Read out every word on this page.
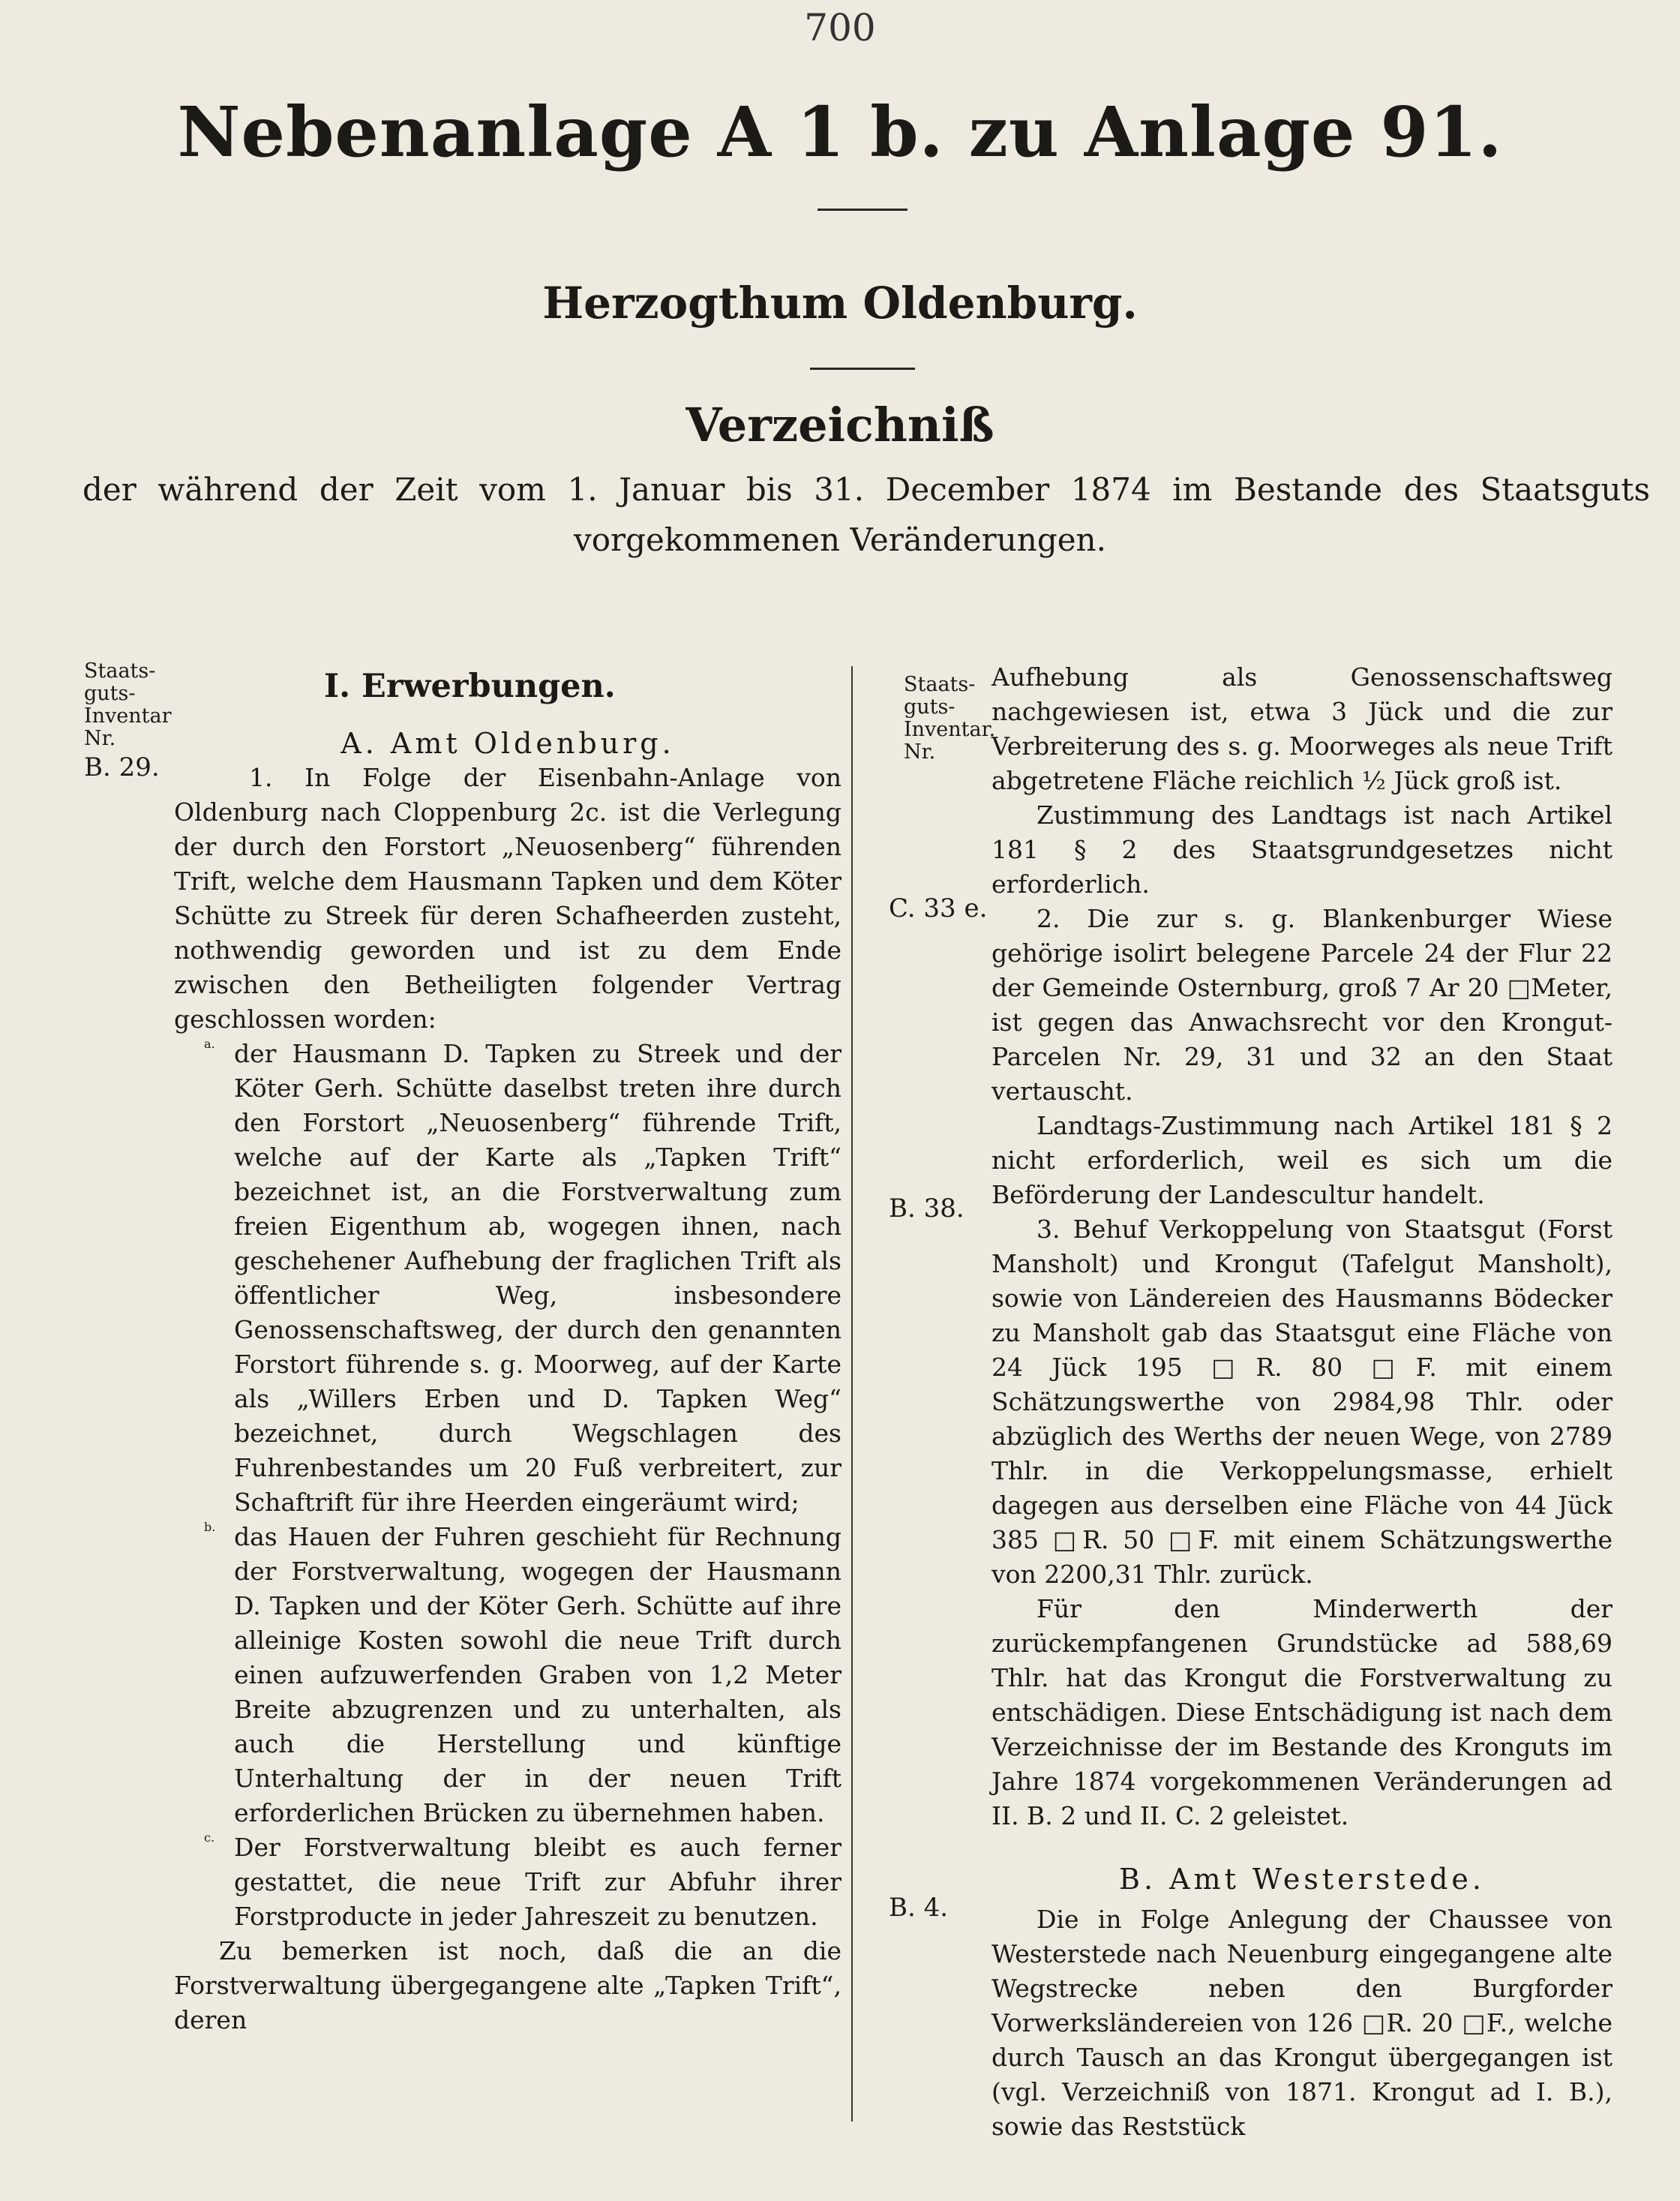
700
Nebenanlage A 1 b. zu Anlage 91.
Herzogthum Oldenburg.
Verzeichniß
der während der Zeit vom 1. Januar bis 31. December 1874 im Bestande des Staatsguts
vorgekommenen Veränderungen.
Staats-guts-Inventar Nr.
Staats-guts-Inventar. Nr.
B. 29.
C. 33 e.
B. 38.
B. 4.
I. Erwerbungen.
A. Amt Oldenburg.

1. In Folge der Eisenbahn-Anlage von Oldenburg nach Cloppenburg 2c. ist die Verlegung der durch den Forstort „Neuosenberg“ führenden Trift, welche dem Hausmann Tapken und dem Köter Schütte zu Streek für deren Schafheerden zusteht, nothwendig geworden und ist zu dem Ende zwischen den Betheiligten folgender Vertrag geschlossen worden:

a. der Hausmann D. Tapken zu Streek und der Köter Gerh. Schütte daselbst treten ihre durch den Forstort „Neuosenberg“ führende Trift, welche auf der Karte als „Tapken Trift“ bezeichnet ist, an die Forstverwaltung zum freien Eigenthum ab, wogegen ihnen, nach geschehener Aufhebung der fraglichen Trift als öffentlicher Weg, insbesondere Genossenschaftsweg, der durch den genannten Forstort führende s. g. Moorweg, auf der Karte als „Willers Erben und D. Tapken Weg“ bezeichnet, durch Wegschlagen des Fuhrenbestandes um 20 Fuß verbreitert, zur Schaftrift für ihre Heerden eingeräumt wird;

b. das Hauen der Fuhren geschieht für Rechnung der Forstverwaltung, wogegen der Hausmann D. Tapken und der Köter Gerh. Schütte auf ihre alleinige Kosten sowohl die neue Trift durch einen aufzuwerfenden Graben von 1,2 Meter Breite abzugrenzen und zu unterhalten, als auch die Herstellung und künftige Unterhaltung der in der neuen Trift erforderlichen Brücken zu übernehmen haben.

c. Der Forstverwaltung bleibt es auch ferner gestattet, die neue Trift zur Abfuhr ihrer Forstproducte in jeder Jahreszeit zu benutzen.

Zu bemerken ist noch, daß die an die Forstverwaltung übergegangene alte „Tapken Trift“, deren

Aufhebung als Genossenschaftsweg nachgewiesen ist, etwa 3 Jück und die zur Verbreiterung des s. g. Moorweges als neue Trift abgetretene Fläche reichlich ½ Jück groß ist.

Zustimmung des Landtags ist nach Artikel 181 § 2 des Staatsgrundgesetzes nicht erforderlich.

2. Die zur s. g. Blankenburger Wiese gehörige isolirt belegene Parcele 24 der Flur 22 der Gemeinde Osternburg, groß 7 Ar 20 □Meter, ist gegen das Anwachsrecht vor den Krongut-Parcelen Nr. 29, 31 und 32 an den Staat vertauscht.

Landtags-Zustimmung nach Artikel 181 § 2 nicht erforderlich, weil es sich um die Beförderung der Landescultur handelt.

3. Behuf Verkoppelung von Staatsgut (Forst Mansholt) und Krongut (Tafelgut Mansholt), sowie von Ländereien des Hausmanns Bödecker zu Mansholt gab das Staatsgut eine Fläche von 24 Jück 195 □R. 80 □F. mit einem Schätzungswerthe von 2984,98 Thlr. oder abzüglich des Werths der neuen Wege, von 2789 Thlr. in die Verkoppelungsmasse, erhielt dagegen aus derselben eine Fläche von 44 Jück 385 □R. 50 □F. mit einem Schätzungswerthe von 2200,31 Thlr. zurück.

Für den Minderwerth der zurückempfangenen Grundstücke ad 588,69 Thlr. hat das Krongut die Forstverwaltung zu entschädigen. Diese Entschädigung ist nach dem Verzeichnisse der im Bestande des Kronguts im Jahre 1874 vorgekommenen Veränderungen ad II. B. 2 und II. C. 2 geleistet.

B. Amt Westerstede.

Die in Folge Anlegung der Chaussee von Westerstede nach Neuenburg eingegangene alte Wegstrecke neben den Burgforder Vorwerksländereien von 126 □R. 20 □F., welche durch Tausch an das Krongut übergegangen ist (vgl. Verzeichniß von 1871. Krongut ad I. B.), sowie das Reststück
